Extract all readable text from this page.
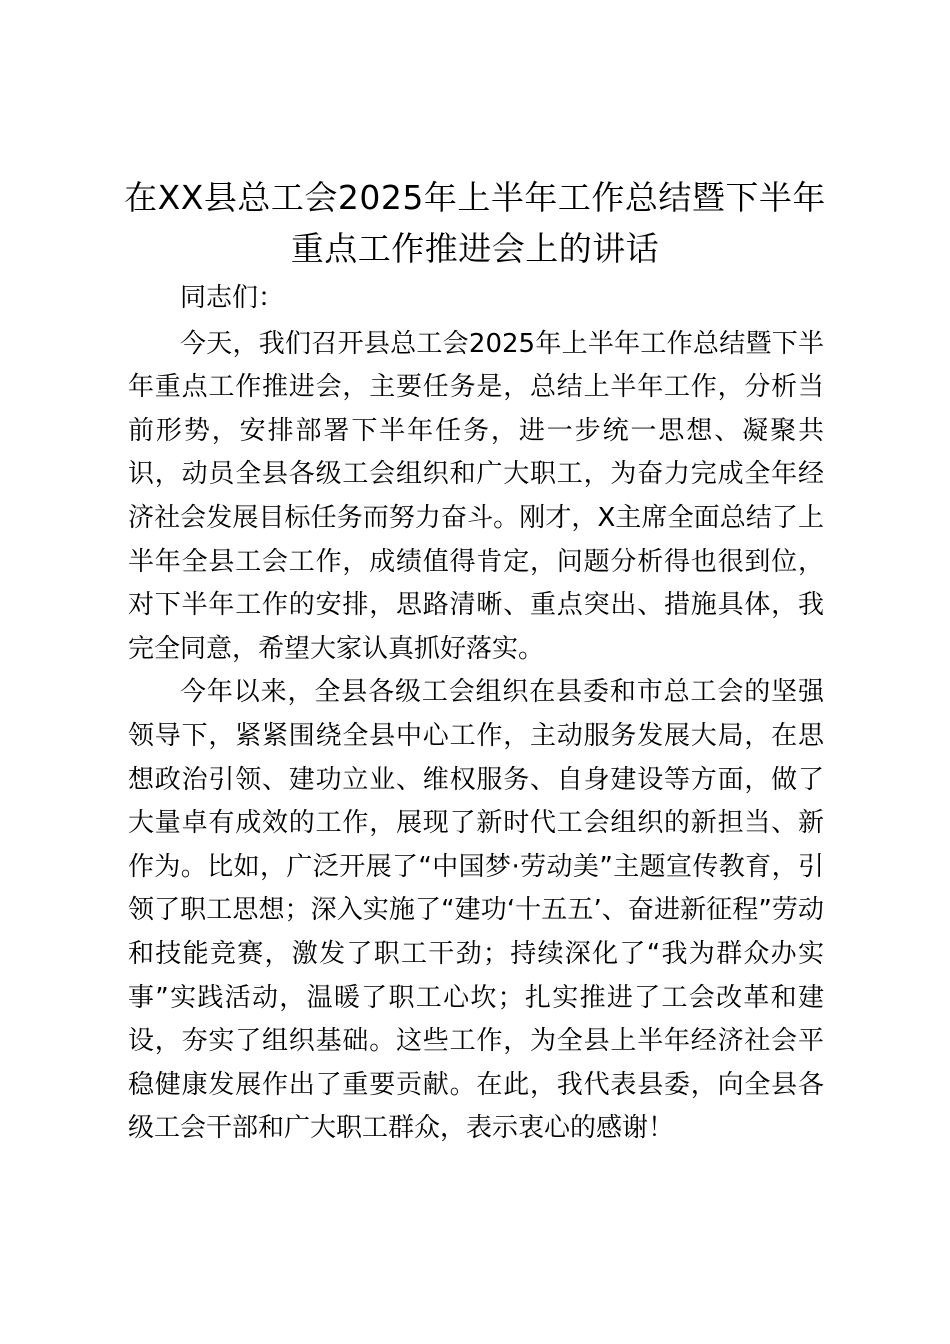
在XX县总工会2025年上半年工作总结暨下半年重点工作推进会上的讲话

同志们：

今天，我们召开县总工会2025年上半年工作总结暨下半年重点工作推进会，主要任务是，总结上半年工作，分析当前形势，安排部署下半年任务，进一步统一思想、凝聚共识，动员全县各级工会组织和广大职工，为奋力完成全年经济社会发展目标任务而努力奋斗。刚才，X主席全面总结了上半年全县工会工作，成绩值得肯定，问题分析得也很到位，对下半年工作的安排，思路清晰、重点突出、措施具体，我完全同意，希望大家认真抓好落实。

今年以来，全县各级工会组织在县委和市总工会的坚强领导下，紧紧围绕全县中心工作，主动服务发展大局，在思想政治引领、建功立业、维权服务、自身建设等方面，做了大量卓有成效的工作，展现了新时代工会组织的新担当、新作为。比如，广泛开展了“中国梦·劳动美”主题宣传教育，引领了职工思想；深入实施了“建功‘十五五’、奋进新征程”劳动和技能竞赛，激发了职工干劲；持续深化了“我为群众办实事”实践活动，温暖了职工心坎；扎实推进了工会改革和建设，夯实了组织基础。这些工作，为全县上半年经济社会平稳健康发展作出了重要贡献。在此，我代表县委，向全县各级工会干部和广大职工群众，表示衷心的感谢！
